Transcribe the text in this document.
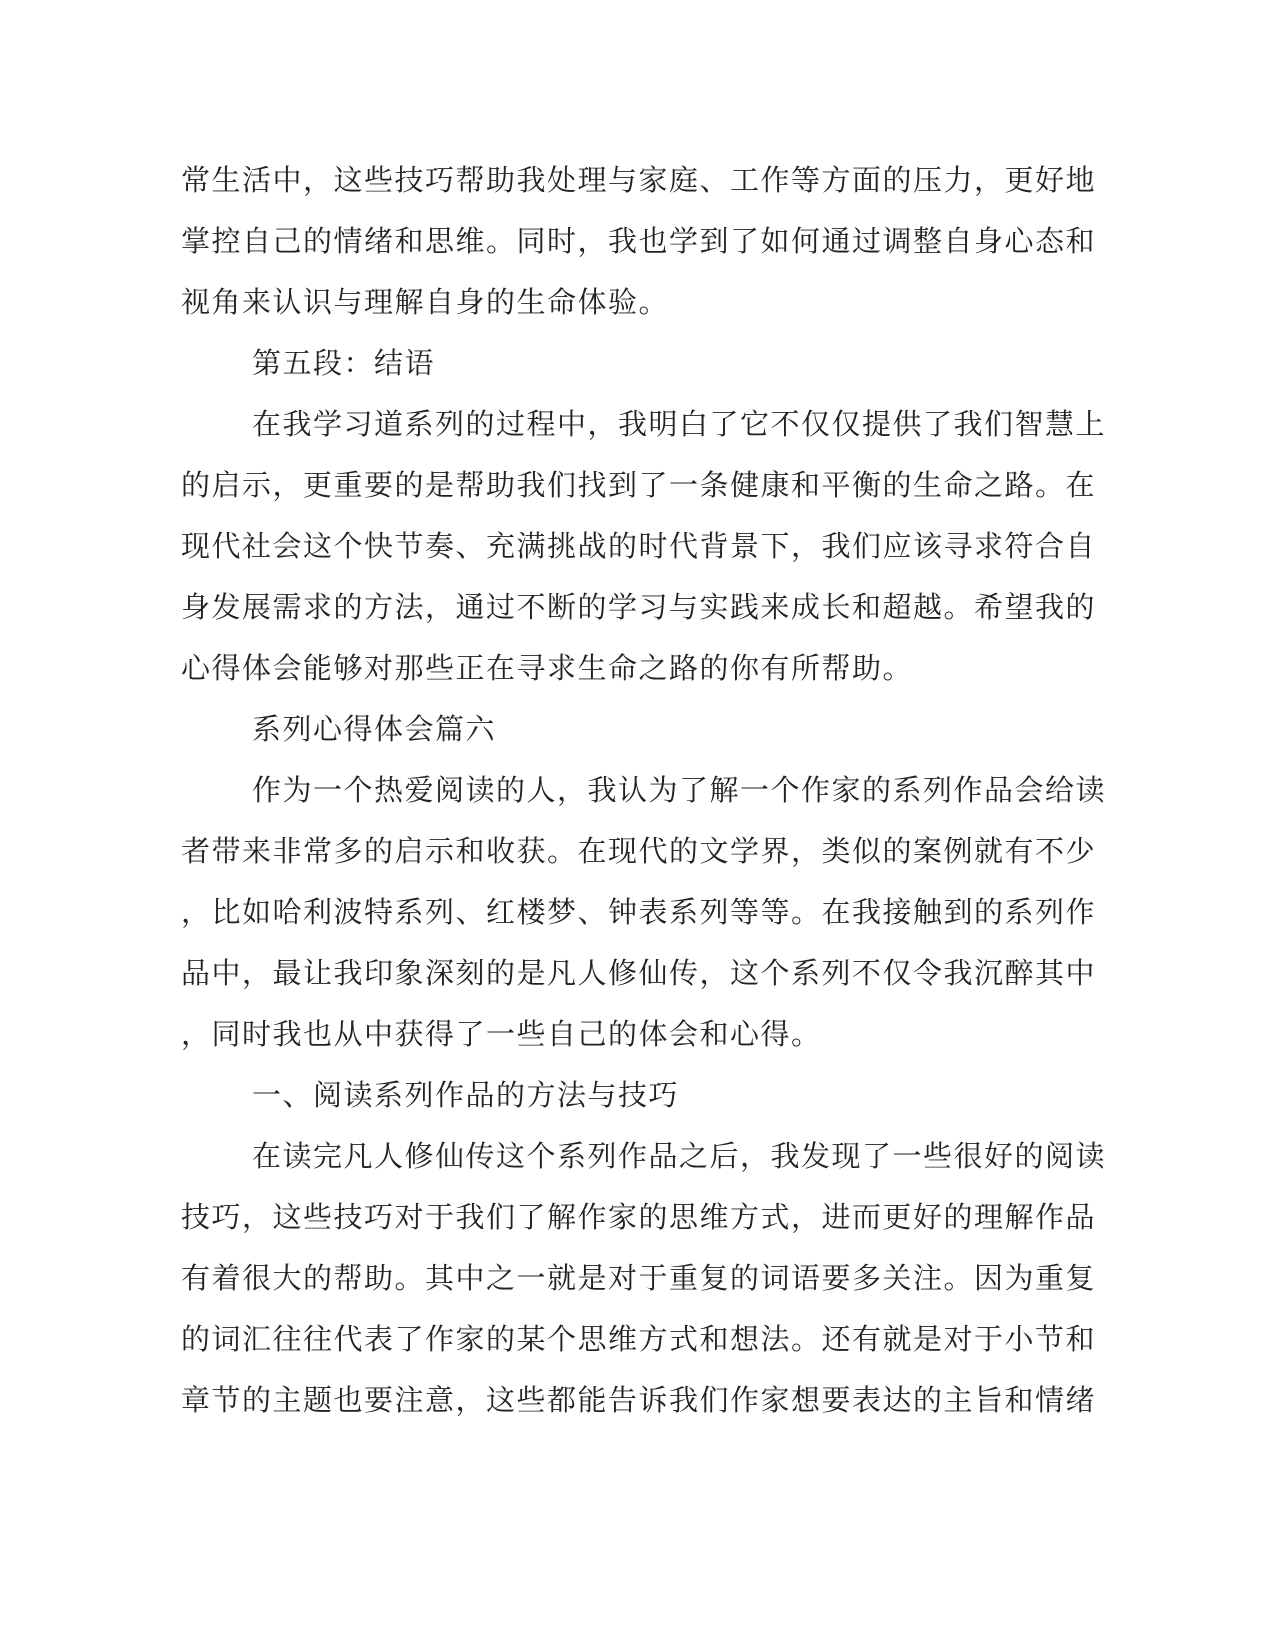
常生活中，这些技巧帮助我处理与家庭、工作等方面的压力，更好地
掌控自己的情绪和思维。同时，我也学到了如何通过调整自身心态和
视角来认识与理解自身的生命体验。
第五段：结语
在我学习道系列的过程中，我明白了它不仅仅提供了我们智慧上
的启示，更重要的是帮助我们找到了一条健康和平衡的生命之路。在
现代社会这个快节奏、充满挑战的时代背景下，我们应该寻求符合自
身发展需求的方法，通过不断的学习与实践来成长和超越。希望我的
心得体会能够对那些正在寻求生命之路的你有所帮助。
系列心得体会篇六
作为一个热爱阅读的人，我认为了解一个作家的系列作品会给读
者带来非常多的启示和收获。在现代的文学界，类似的案例就有不少
，比如哈利波特系列、红楼梦、钟表系列等等。在我接触到的系列作
品中，最让我印象深刻的是凡人修仙传，这个系列不仅令我沉醉其中
，同时我也从中获得了一些自己的体会和心得。
一、阅读系列作品的方法与技巧
在读完凡人修仙传这个系列作品之后，我发现了一些很好的阅读
技巧，这些技巧对于我们了解作家的思维方式，进而更好的理解作品
有着很大的帮助。其中之一就是对于重复的词语要多关注。因为重复
的词汇往往代表了作家的某个思维方式和想法。还有就是对于小节和
章节的主题也要注意，这些都能告诉我们作家想要表达的主旨和情绪
